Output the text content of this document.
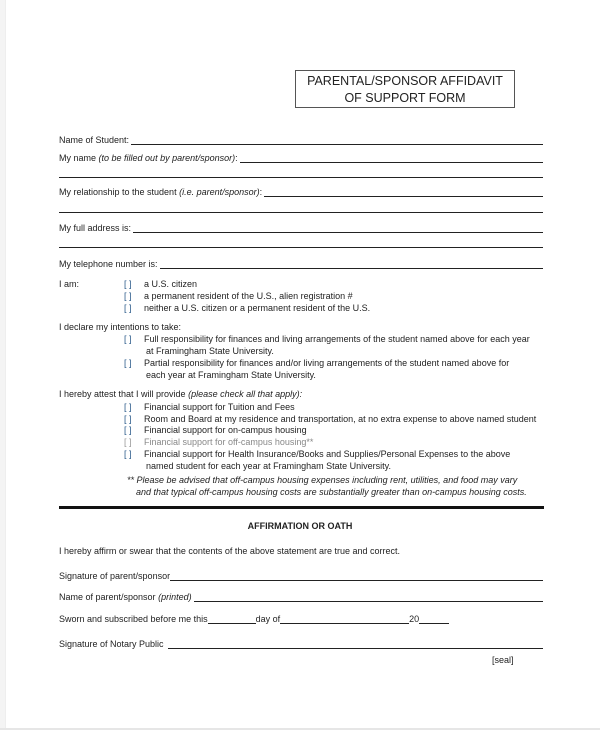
PARENTAL/SPONSOR AFFIDAVIT
OF SUPPORT FORM
Name of Student:
My name
(to be filled out by parent/sponsor) :
My relationship to the student
(i.e. parent/sponsor) :
My full address is:
My telephone number is:
I am:	[ ] a U.S. citizen
[ ] a permanent resident of the U.S., alien registration #
[ ] neither a U.S. citizen or a permanent resident of the U.S.
I declare my intentions to take:
[ ] Full responsibility for finances and living arrangements of the student named above for each year
at Framingham State University.
[ ] Partial responsibility for finances and/or living arrangements of the student named above for
each year at Framingham State University.
I hereby attest that I will provide (please check all that apply):
[ ] Financial support for Tuition and Fees
[ ] Room and Board at my residence and transportation, at no extra expense to above named student
[ ] Financial support for on-campus housing
[ ] Financial support for off-campus housing**
[ ] Financial support for Health Insurance/Books and Supplies/Personal Expenses to the above
named student for each year at Framingham State University.
** Please be advised that off-campus housing expenses including rent, utilities, and food may vary
and that typical off-campus housing costs are substantially greater than on-campus housing costs.
AFFIRMATION OR OATH
I hereby affirm or swear that the contents of the above statement are true and correct.
Signature of parent/sponsor
Name of parent/sponsor
(printed)
Sworn and subscribed before me this	day of	20
Signature of Notary Public
[seal]
